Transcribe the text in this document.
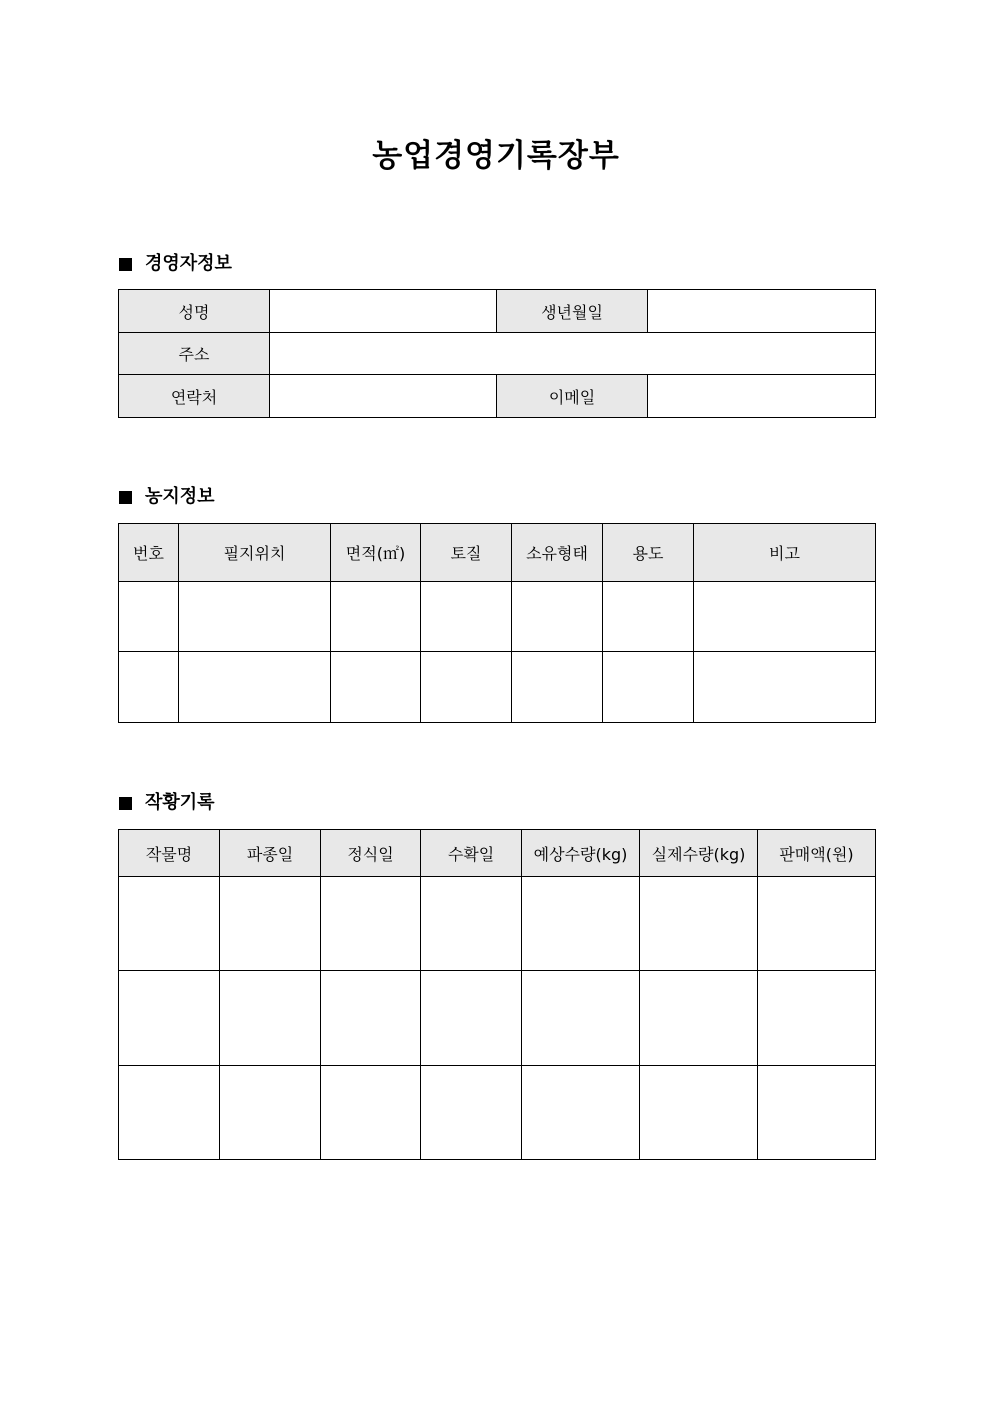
농업경영기록장부
경영자정보
성명		생년월일	
주소			
연락처		이메일	
농지정보
번호	필지위치	면적(㎡)	토질	소유형태	용도	비고

작황기록
작물명	파종일	정식일	수확일	예상수량(kg)	실제수량(kg)	판매액(원)
